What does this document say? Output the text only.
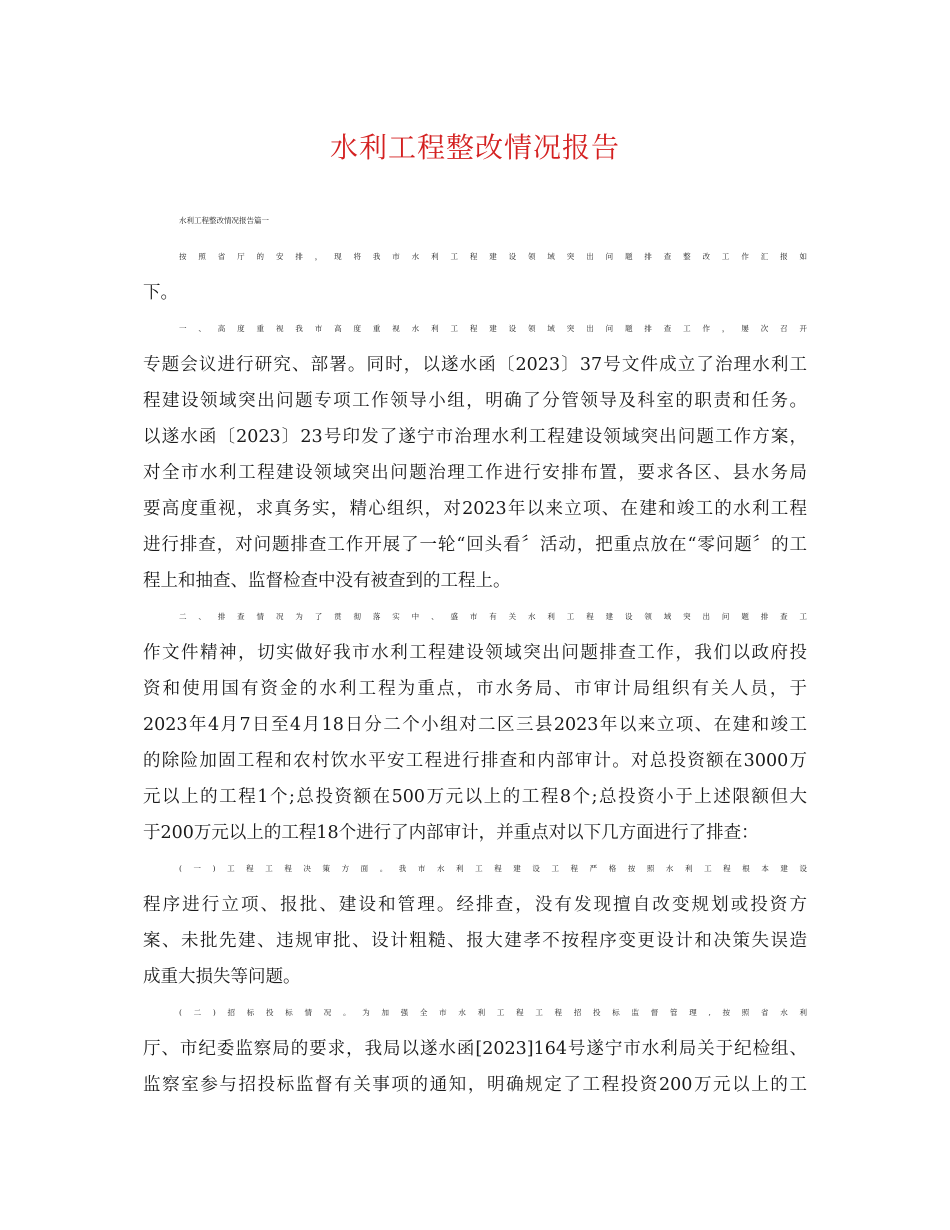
水利工程整改情况报告

水利工程整改情况报告篇一

按照省厅的安排，现将我市水利工程建设领域突出问题排查整改工作汇报如
下。

一、高度重视我市高度重视水利工程建设领域突出问题排查工作，屡次召开
专题会议进行研究、部署。同时，以遂水函〔2023〕37号文件成立了治理水利工
程建设领域突出问题专项工作领导小组，明确了分管领导及科室的职责和任务。
以遂水函〔2023〕23号印发了遂宁市治理水利工程建设领域突出问题工作方案，
对全市水利工程建设领域突出问题治理工作进行安排布置，要求各区、县水务局
要高度重视，求真务实，精心组织，对2023年以来立项、在建和竣工的水利工程
进行排查，对问题排查工作开展了一轮“回头看〞活动，把重点放在“零问题〞的工
程上和抽查、监督检查中没有被查到的工程上。

二、排查情况为了贯彻落实中、盛市有关水利工程建设领域突出问题排查工
作文件精神，切实做好我市水利工程建设领域突出问题排查工作，我们以政府投
资和使用国有资金的水利工程为重点，市水务局、市审计局组织有关人员，于
2023年4月7日至4月18日分二个小组对二区三县2023年以来立项、在建和竣工
的除险加固工程和农村饮水平安工程进行排查和内部审计。对总投资额在3000万
元以上的工程1个;总投资额在500万元以上的工程8个;总投资小于上述限额但大
于200万元以上的工程18个进行了内部审计，并重点对以下几方面进行了排查：

(一)工程工程决策方面。我市水利工程建设工程严格按照水利工程根本建设
程序进行立项、报批、建设和管理。经排查，没有发现擅自改变规划或投资方
案、未批先建、违规审批、设计粗糙、报大建孝不按程序变更设计和决策失误造
成重大损失等问题。

(二)招标投标情况。为加强全市水利工程工程招投标监督管理,按照省水利
厅、市纪委监察局的要求，我局以遂水函[2023]164号遂宁市水利局关于纪检组、
监察室参与招投标监督有关事项的通知，明确规定了工程投资200万元以上的工
